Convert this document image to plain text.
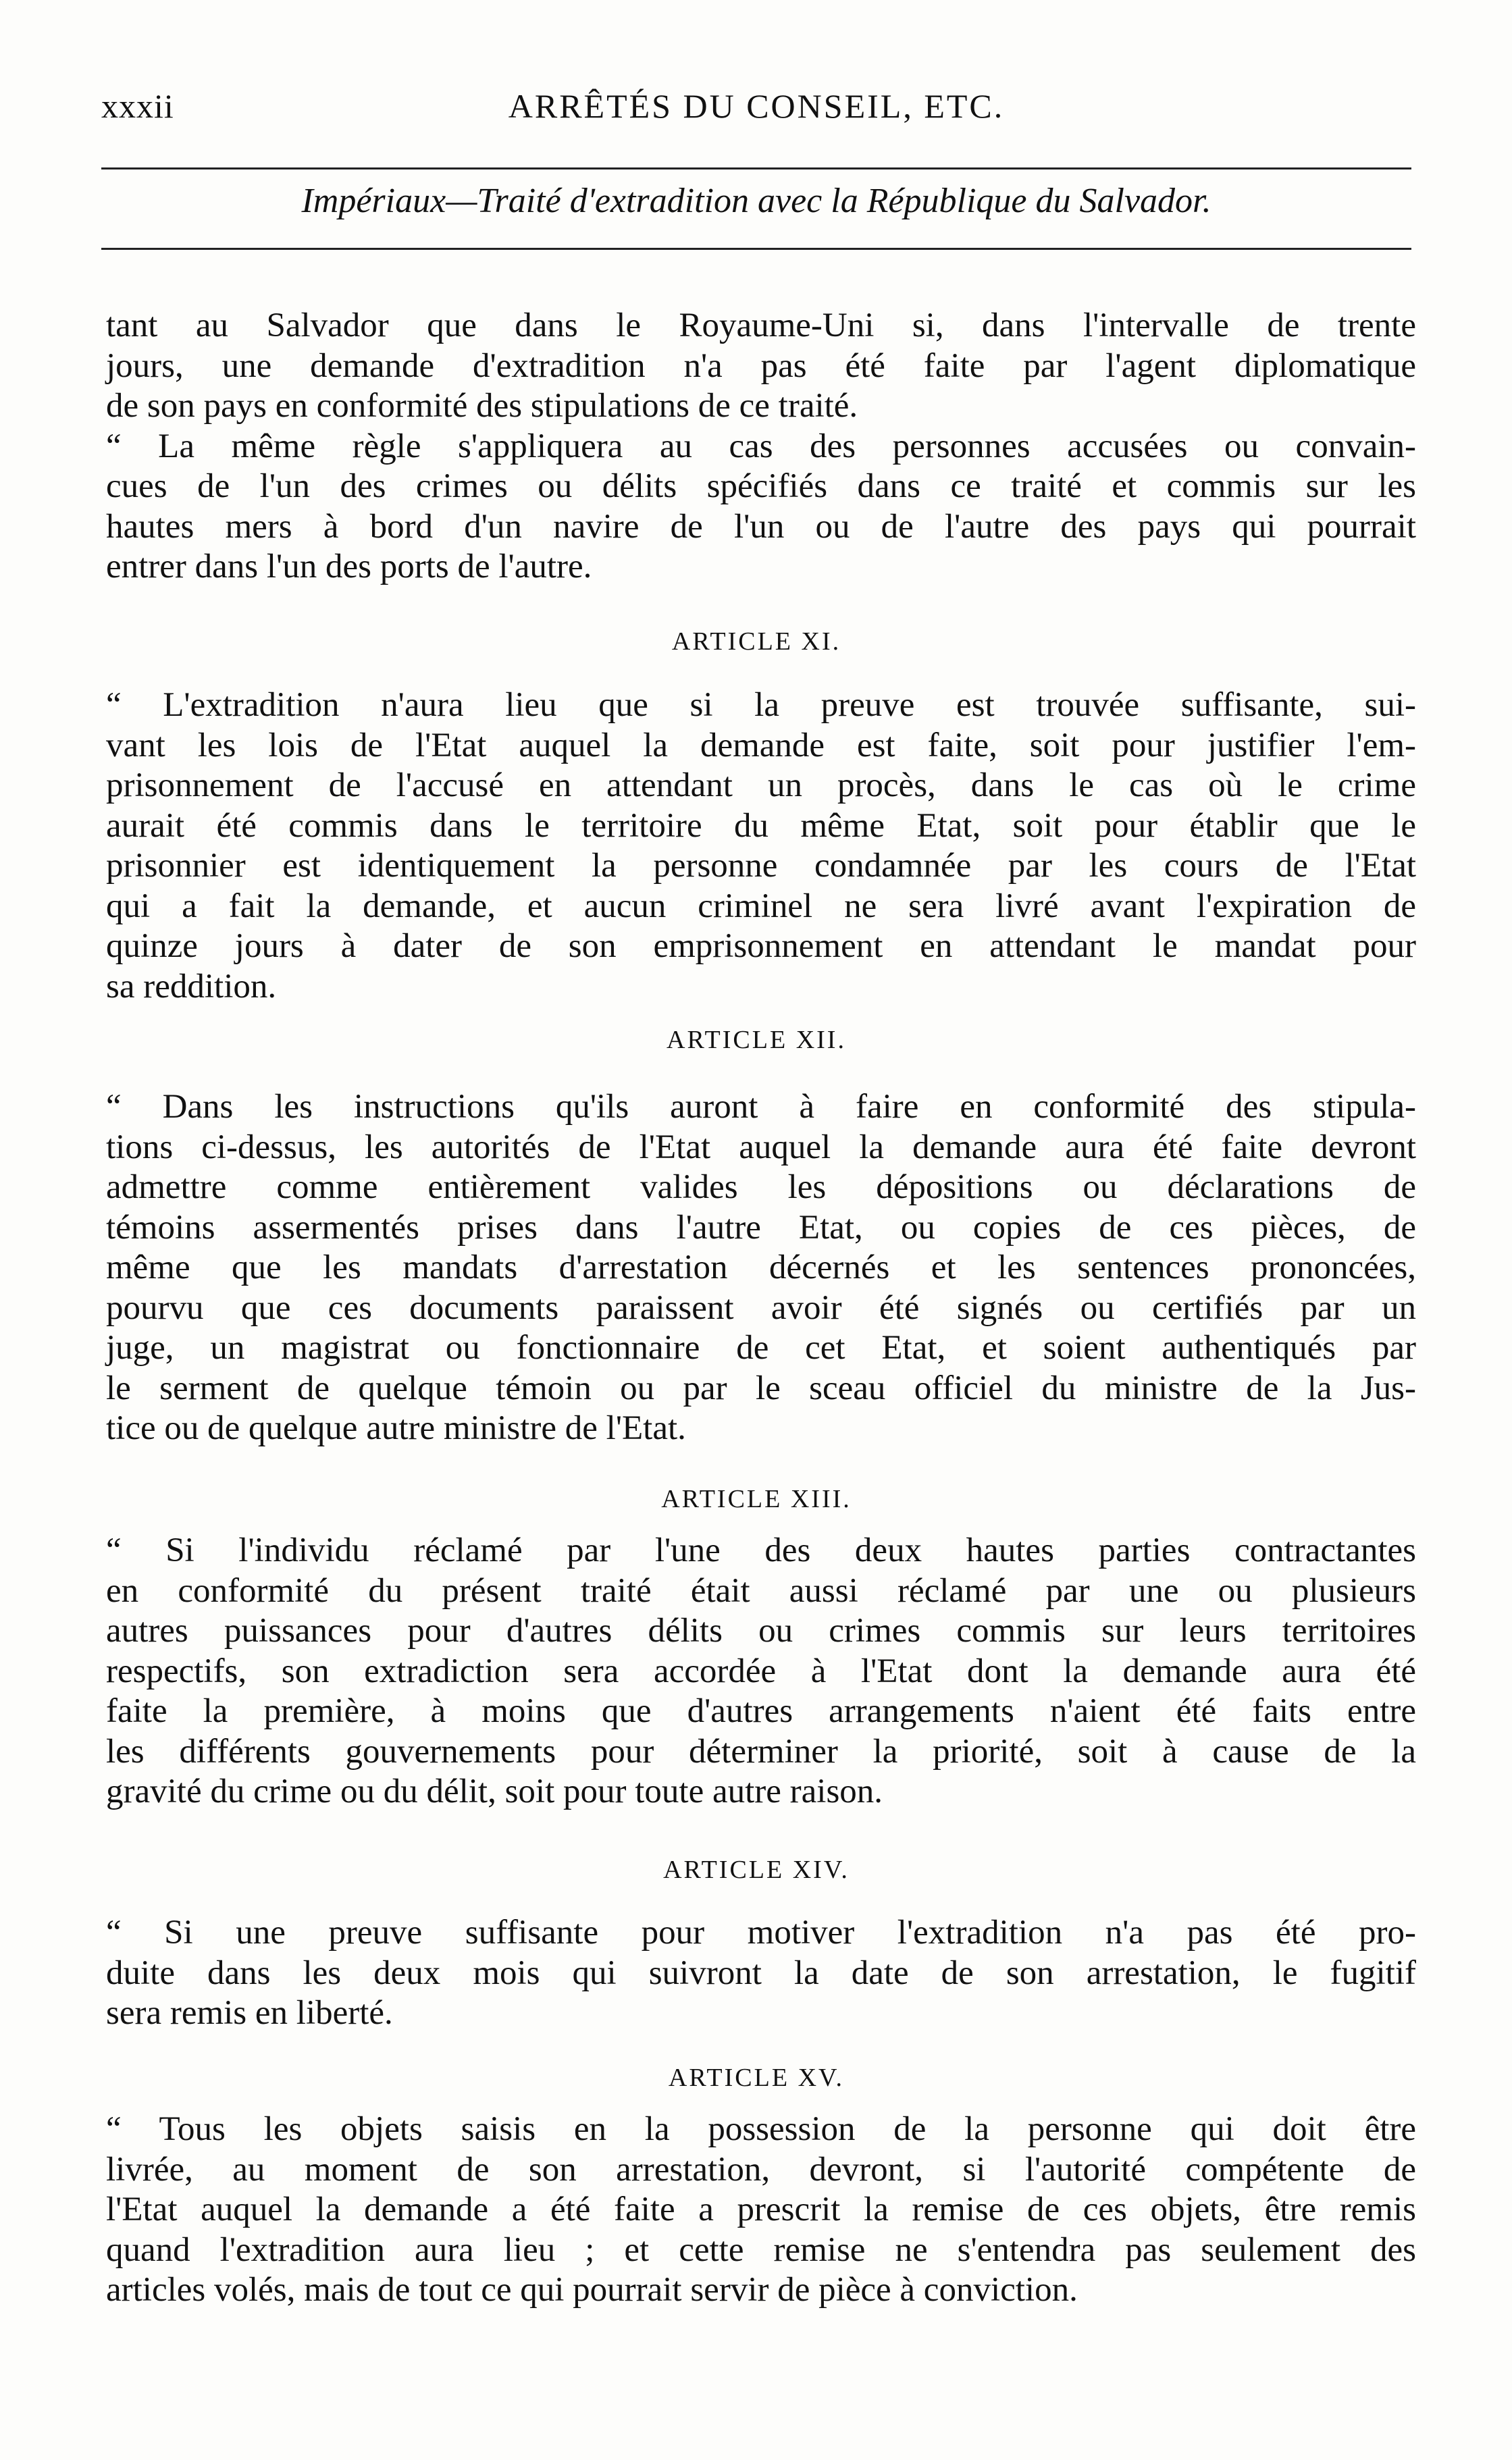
xxxii	ARRÊTÉS DU CONSEIL, ETC.
Impériaux—Traité d'extradition avec la République du Salvador.
tant au Salvador que dans le Royaume-Uni si, dans l'intervalle de trente
jours, une demande d'extradition n'a pas été faite par l'agent diplomatique
de son pays en conformité des stipulations de ce traité.
“ La même règle s'appliquera au cas des personnes accusées ou convain-
cues de l'un des crimes ou délits spécifiés dans ce traité et commis sur les
hautes mers à bord d'un navire de l'un ou de l'autre des pays qui pourrait
entrer dans l'un des ports de l'autre.
ARTICLE XI.
“ L'extradition n'aura lieu que si la preuve est trouvée suffisante, sui-
vant les lois de l'Etat auquel la demande est faite, soit pour justifier l'em-
prisonnement de l'accusé en attendant un procès, dans le cas où le crime
aurait été commis dans le territoire du même Etat, soit pour établir que le
prisonnier est identiquement la personne condamnée par les cours de l'Etat
qui a fait la demande, et aucun criminel ne sera livré avant l'expiration de
quinze jours à dater de son emprisonnement en attendant le mandat pour
sa reddition.
ARTICLE XII.
“ Dans les instructions qu'ils auront à faire en conformité des stipula-
tions ci-dessus, les autorités de l'Etat auquel la demande aura été faite devront
admettre comme entièrement valides les dépositions ou déclarations de
témoins assermentés prises dans l'autre Etat, ou copies de ces pièces, de
même que les mandats d'arrestation décernés et les sentences prononcées,
pourvu que ces documents paraissent avoir été signés ou certifiés par un
juge, un magistrat ou fonctionnaire de cet Etat, et soient authentiqués par
le serment de quelque témoin ou par le sceau officiel du ministre de la Jus-
tice ou de quelque autre ministre de l'Etat.
ARTICLE XIII.
“ Si l'individu réclamé par l'une des deux hautes parties contractantes
en conformité du présent traité était aussi réclamé par une ou plusieurs
autres puissances pour d'autres délits ou crimes commis sur leurs territoires
respectifs, son extradiction sera accordée à l'Etat dont la demande aura été
faite la première, à moins que d'autres arrangements n'aient été faits entre
les différents gouvernements pour déterminer la priorité, soit à cause de la
gravité du crime ou du délit, soit pour toute autre raison.
ARTICLE XIV.
“ Si une preuve suffisante pour motiver l'extradition n'a pas été pro-
duite dans les deux mois qui suivront la date de son arrestation, le fugitif
sera remis en liberté.
ARTICLE XV.
“ Tous les objets saisis en la possession de la personne qui doit être
livrée, au moment de son arrestation, devront, si l'autorité compétente de
l'Etat auquel la demande a été faite a prescrit la remise de ces objets, être remis
quand l'extradition aura lieu ; et cette remise ne s'entendra pas seulement des
articles volés, mais de tout ce qui pourrait servir de pièce à conviction.
